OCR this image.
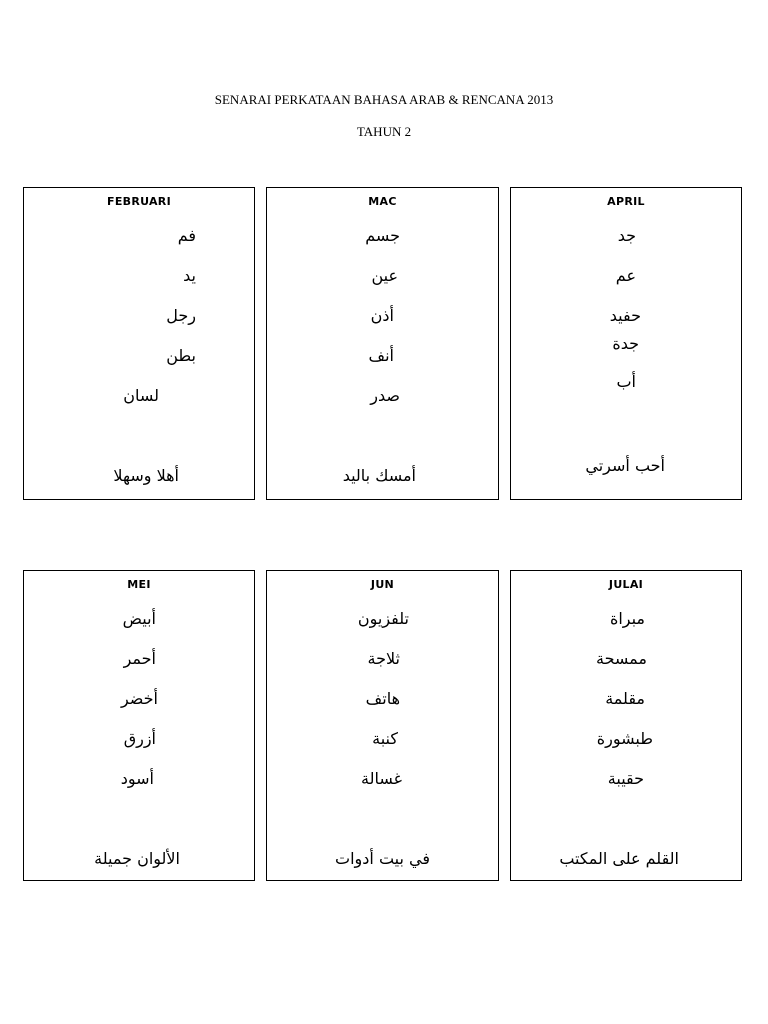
SENARAI PERKATAAN BAHASA ARAB & RENCANA 2013
TAHUN 2
FEBRUARI
فم
يد
رجل
بطن
لسان
أهلا وسهلا
MAC
جسم
عين
أذن
أنف
صدر
أمسك باليد
APRIL
جد
عم
حفيد
جدة
أب
أحب أسرتي
MEI
أبيض
أحمر
أخضر
أزرق
أسود
الألوان جميلة
JUN
تلفزيون
ثلاجة
هاتف
كنبة
غسالة
في بيت أدوات
JULAI
مبراة
ممسحة
مقلمة
طبشورة
حقيبة
القلم على المكتب
